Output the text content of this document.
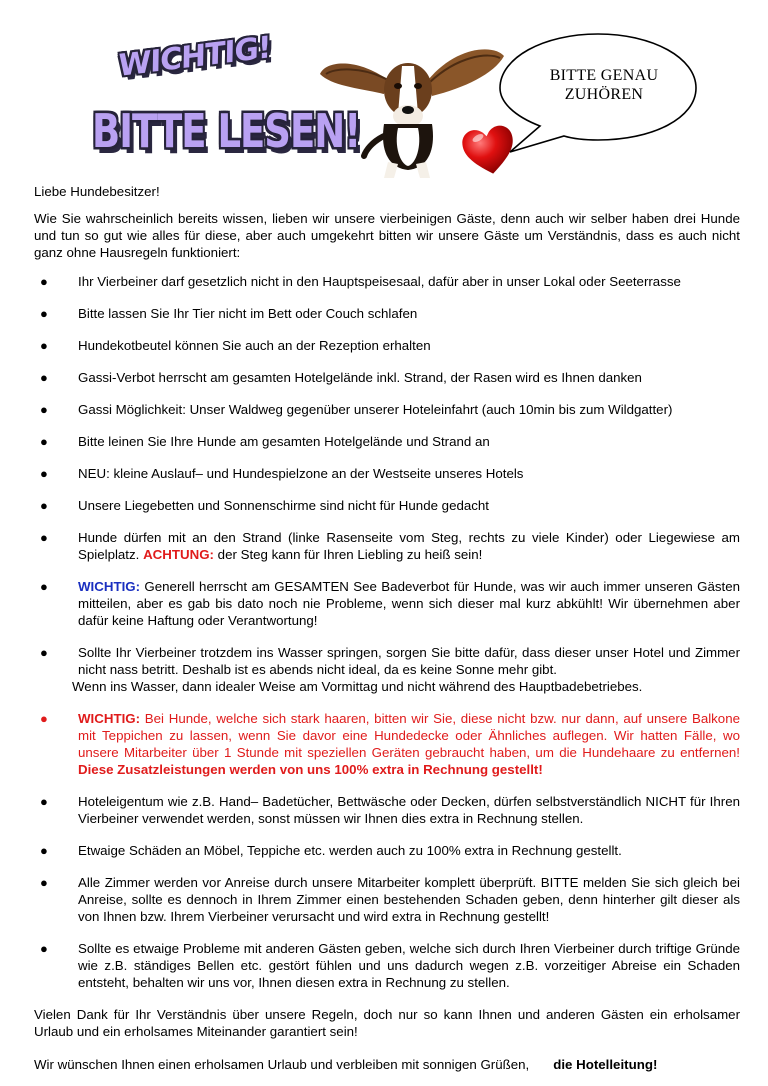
WICHTIG!
BITTE LESEN!
BITTE GENAU
ZUHÖREN

Liebe Hundebesitzer!

Wie Sie wahrscheinlich bereits wissen, lieben wir unsere vierbeinigen Gäste, denn auch wir selber haben drei Hunde und tun so gut wie alles für diese, aber auch umgekehrt bitten wir unsere Gäste um Verständnis, dass es auch nicht ganz ohne Hausregeln funktioniert:

● Ihr Vierbeiner darf gesetzlich nicht in den Hauptspeisesaal, dafür aber in unser Lokal oder Seeterrasse
● Bitte lassen Sie Ihr Tier nicht im Bett oder Couch schlafen
● Hundekotbeutel können Sie auch an der Rezeption erhalten
● Gassi-Verbot herrscht am gesamten Hotelgelände inkl. Strand, der Rasen wird es Ihnen danken
● Gassi Möglichkeit: Unser Waldweg gegenüber unserer Hoteleinfahrt (auch 10min bis zum Wildgatter)
● Bitte leinen Sie Ihre Hunde am gesamten Hotelgelände und Strand an
● NEU: kleine Auslauf– und Hundespielzone an der Westseite unseres Hotels
● Unsere Liegebetten und Sonnenschirme sind nicht für Hunde gedacht
● Hunde dürfen mit an den Strand (linke Rasenseite vom Steg, rechts zu viele Kinder) oder Liegewiese am Spielplatz. ACHTUNG: der Steg kann für Ihren Liebling zu heiß sein!
● WICHTIG: Generell herrscht am GESAMTEN See Badeverbot für Hunde, was wir auch immer unseren Gästen mitteilen, aber es gab bis dato noch nie Probleme, wenn sich dieser mal kurz abkühlt! Wir übernehmen aber dafür keine Haftung oder Verantwortung!
● Sollte Ihr Vierbeiner trotzdem ins Wasser springen, sorgen Sie bitte dafür, dass dieser unser Hotel und Zimmer nicht nass betritt. Deshalb ist es abends nicht ideal, da es keine Sonne mehr gibt.
Wenn ins Wasser, dann idealer Weise am Vormittag und nicht während des Hauptbadebetriebes.
● WICHTIG: Bei Hunde, welche sich stark haaren, bitten wir Sie, diese nicht bzw. nur dann, auf unsere Balkone mit Teppichen zu lassen, wenn Sie davor eine Hundedecke oder Ähnliches auflegen. Wir hatten Fälle, wo unsere Mitarbeiter über 1 Stunde mit speziellen Geräten gebraucht haben, um die Hundehaare zu entfernen! Diese Zusatzleistungen werden von uns 100% extra in Rechnung gestellt!
● Hoteleigentum wie z.B. Hand– Badetücher, Bettwäsche oder Decken, dürfen selbstverständlich NICHT für Ihren Vierbeiner verwendet werden, sonst müssen wir Ihnen dies extra in Rechnung stellen.
● Etwaige Schäden an Möbel, Teppiche etc. werden auch zu 100% extra in Rechnung gestellt.
● Alle Zimmer werden vor Anreise durch unsere Mitarbeiter komplett überprüft. BITTE melden Sie sich gleich bei Anreise, sollte es dennoch in Ihrem Zimmer einen bestehenden Schaden geben, denn hinterher gilt dieser als von Ihnen bzw. Ihrem Vierbeiner verursacht und wird extra in Rechnung gestellt!
● Sollte es etwaige Probleme mit anderen Gästen geben, welche sich durch Ihren Vierbeiner durch triftige Gründe wie z.B. ständiges Bellen etc. gestört fühlen und uns dadurch wegen z.B. vorzeitiger Abreise ein Schaden entsteht, behalten wir uns vor, Ihnen diesen extra in Rechnung zu stellen.

Vielen Dank für Ihr Verständnis über unsere Regeln, doch nur so kann Ihnen und anderen Gästen ein erholsamer Urlaub und ein erholsames Miteinander garantiert sein!

Wir wünschen Ihnen einen erholsamen Urlaub und verbleiben mit sonnigen Grüßen, die Hotelleitung!
